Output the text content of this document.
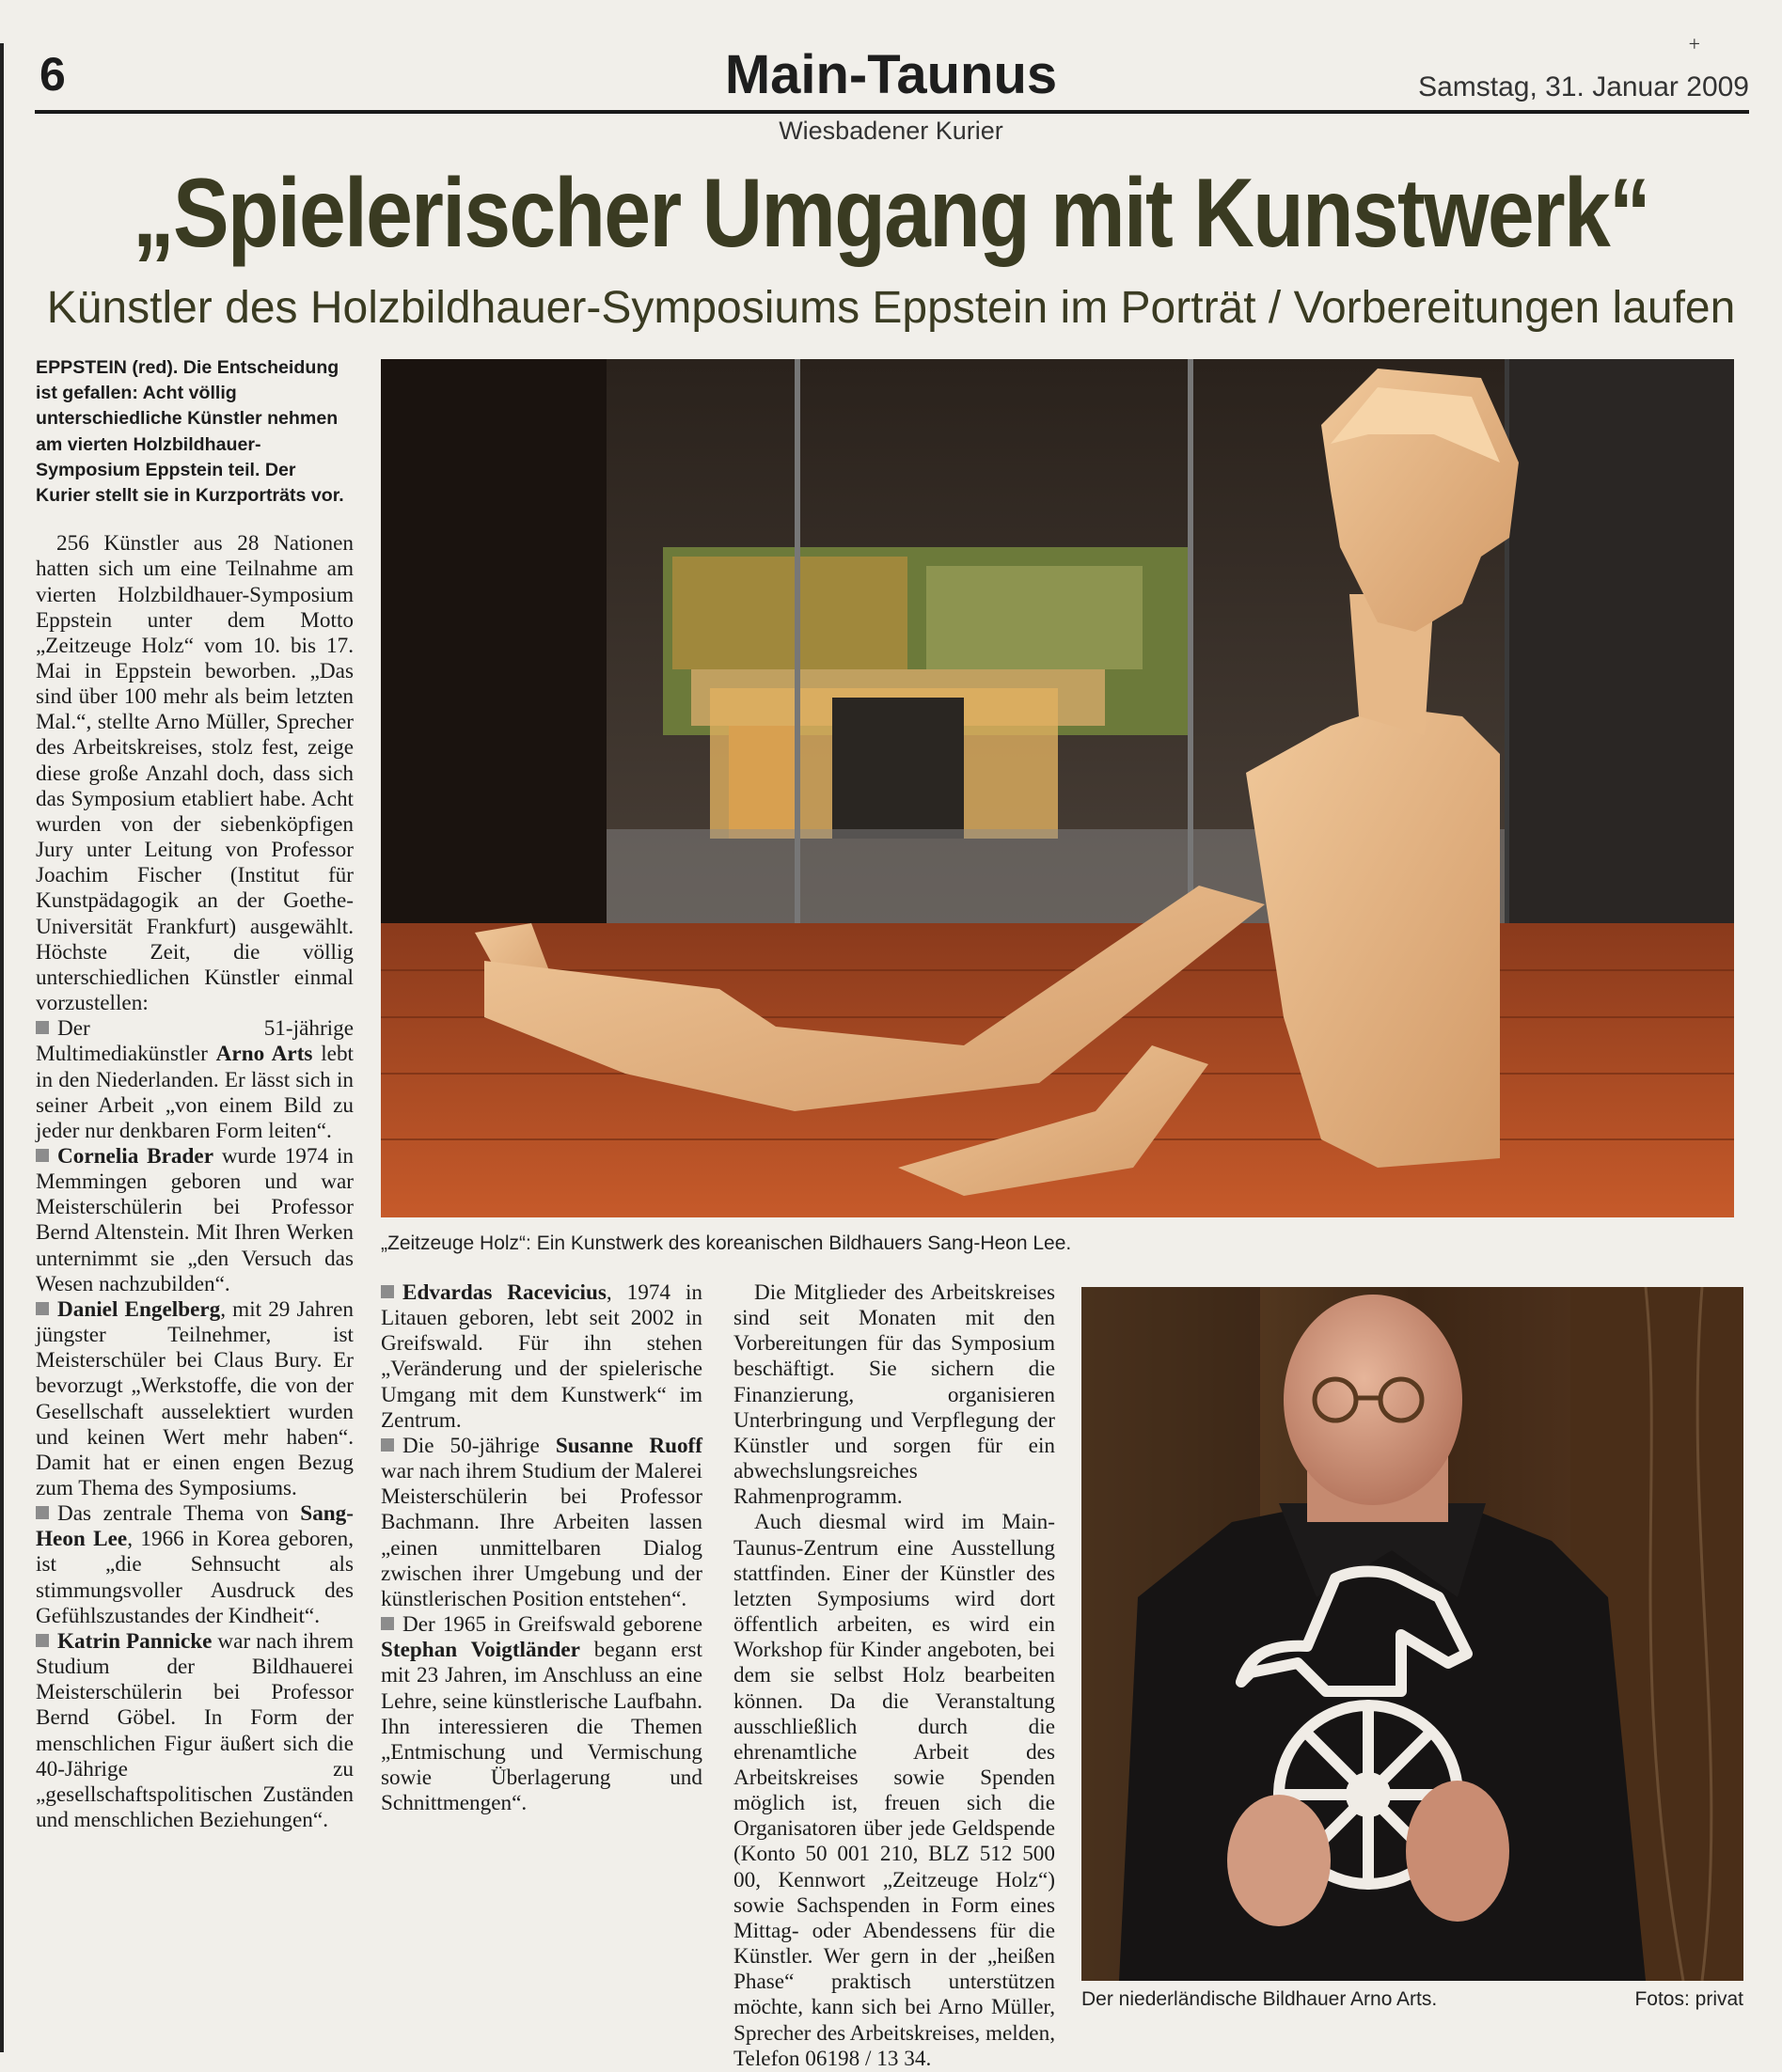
+
6	Main-Taunus	Samstag, 31. Januar 2009
Wiesbadener Kurier
„Spielerischer Umgang mit Kunstwerk“
Künstler des Holzbildhauer-Symposiums Eppstein im Porträt / Vorbereitungen laufen

EPPSTEIN (red). Die Entscheidung ist gefallen: Acht völlig unterschiedliche Künstler nehmen am vierten Holzbildhauer-Symposium Eppstein teil. Der Kurier stellt sie in Kurzporträts vor.

256 Künstler aus 28 Nationen hatten sich um eine Teilnahme am vierten Holzbildhauer-Symposium Eppstein unter dem Motto „Zeitzeuge Holz“ vom 10. bis 17. Mai in Eppstein beworben. „Das sind über 100 mehr als beim letzten Mal.“, stellte Arno Müller, Sprecher des Arbeitskreises, stolz fest, zeige diese große Anzahl doch, dass sich das Symposium etabliert habe. Acht wurden von der siebenköpfigen Jury unter Leitung von Professor Joachim Fischer (Institut für Kunstpädagogik an der Goethe-Universität Frankfurt) ausgewählt. Höchste Zeit, die völlig unterschiedlichen Künstler einmal vorzustellen:

Der 51-jährige Multimediakünstler Arno Arts lebt in den Niederlanden. Er lässt sich in seiner Arbeit „von einem Bild zu jeder nur denkbaren Form leiten“.

Cornelia Brader wurde 1974 in Memmingen geboren und war Meisterschülerin bei Professor Bernd Altenstein. Mit Ihren Werken unternimmt sie „den Versuch das Wesen nachzubilden“.

Daniel Engelberg, mit 29 Jahren jüngster Teilnehmer, ist Meisterschüler bei Claus Bury. Er bevorzugt „Werkstoffe, die von der Gesellschaft ausselektiert wurden und keinen Wert mehr haben“. Damit hat er einen engen Bezug zum Thema des Symposiums.

Das zentrale Thema von Sang-Heon Lee, 1966 in Korea geboren, ist „die Sehnsucht als stimmungsvoller Ausdruck des Gefühlszustandes der Kindheit“.

Katrin Pannicke war nach ihrem Studium der Bildhauerei Meisterschülerin bei Professor Bernd Göbel. In Form der menschlichen Figur äußert sich die 40-Jährige zu „gesellschaftspolitischen Zuständen und menschlichen Beziehungen“.

Edvardas Racevicius, 1974 in Litauen geboren, lebt seit 2002 in Greifswald. Für ihn stehen „Veränderung und der spielerische Umgang mit dem Kunstwerk“ im Zentrum.

Die 50-jährige Susanne Ruoff war nach ihrem Studium der Malerei Meisterschülerin bei Professor Bachmann. Ihre Arbeiten lassen „einen unmittelbaren Dialog zwischen ihrer Umgebung und der künstlerischen Position entstehen“.

Der 1965 in Greifswald geborene Stephan Voigtländer begann erst mit 23 Jahren, im Anschluss an eine Lehre, seine künstlerische Laufbahn. Ihn interessieren die Themen „Entmischung und Vermischung sowie Überlagerung und Schnittmengen“.

Die Mitglieder des Arbeitskreises sind seit Monaten mit den Vorbereitungen für das Symposium beschäftigt. Sie sichern die Finanzierung, organisieren Unterbringung und Verpflegung der Künstler und sorgen für ein abwechslungsreiches Rahmenprogramm.

Auch diesmal wird im Main-Taunus-Zentrum eine Ausstellung stattfinden. Einer der Künstler des letzten Symposiums wird dort öffentlich arbeiten, es wird ein Workshop für Kinder angeboten, bei dem sie selbst Holz bearbeiten können. Da die Veranstaltung ausschließlich durch die ehrenamtliche Arbeit des Arbeitskreises sowie Spenden möglich ist, freuen sich die Organisatoren über jede Geldspende (Konto 50 001 210, BLZ 512 500 00, Kennwort „Zeitzeuge Holz“) sowie Sachspenden in Form eines Mittag- oder Abendessens für die Künstler. Wer gern in der „heißen Phase“ praktisch unterstützen möchte, kann sich bei Arno Müller, Sprecher des Arbeitskreises, melden, Telefon 06198 / 13 34.

„Zeitzeuge Holz“: Ein Kunstwerk des koreanischen Bildhauers Sang-Heon Lee.
Der niederländische Bildhauer Arno Arts.	Fotos: privat
